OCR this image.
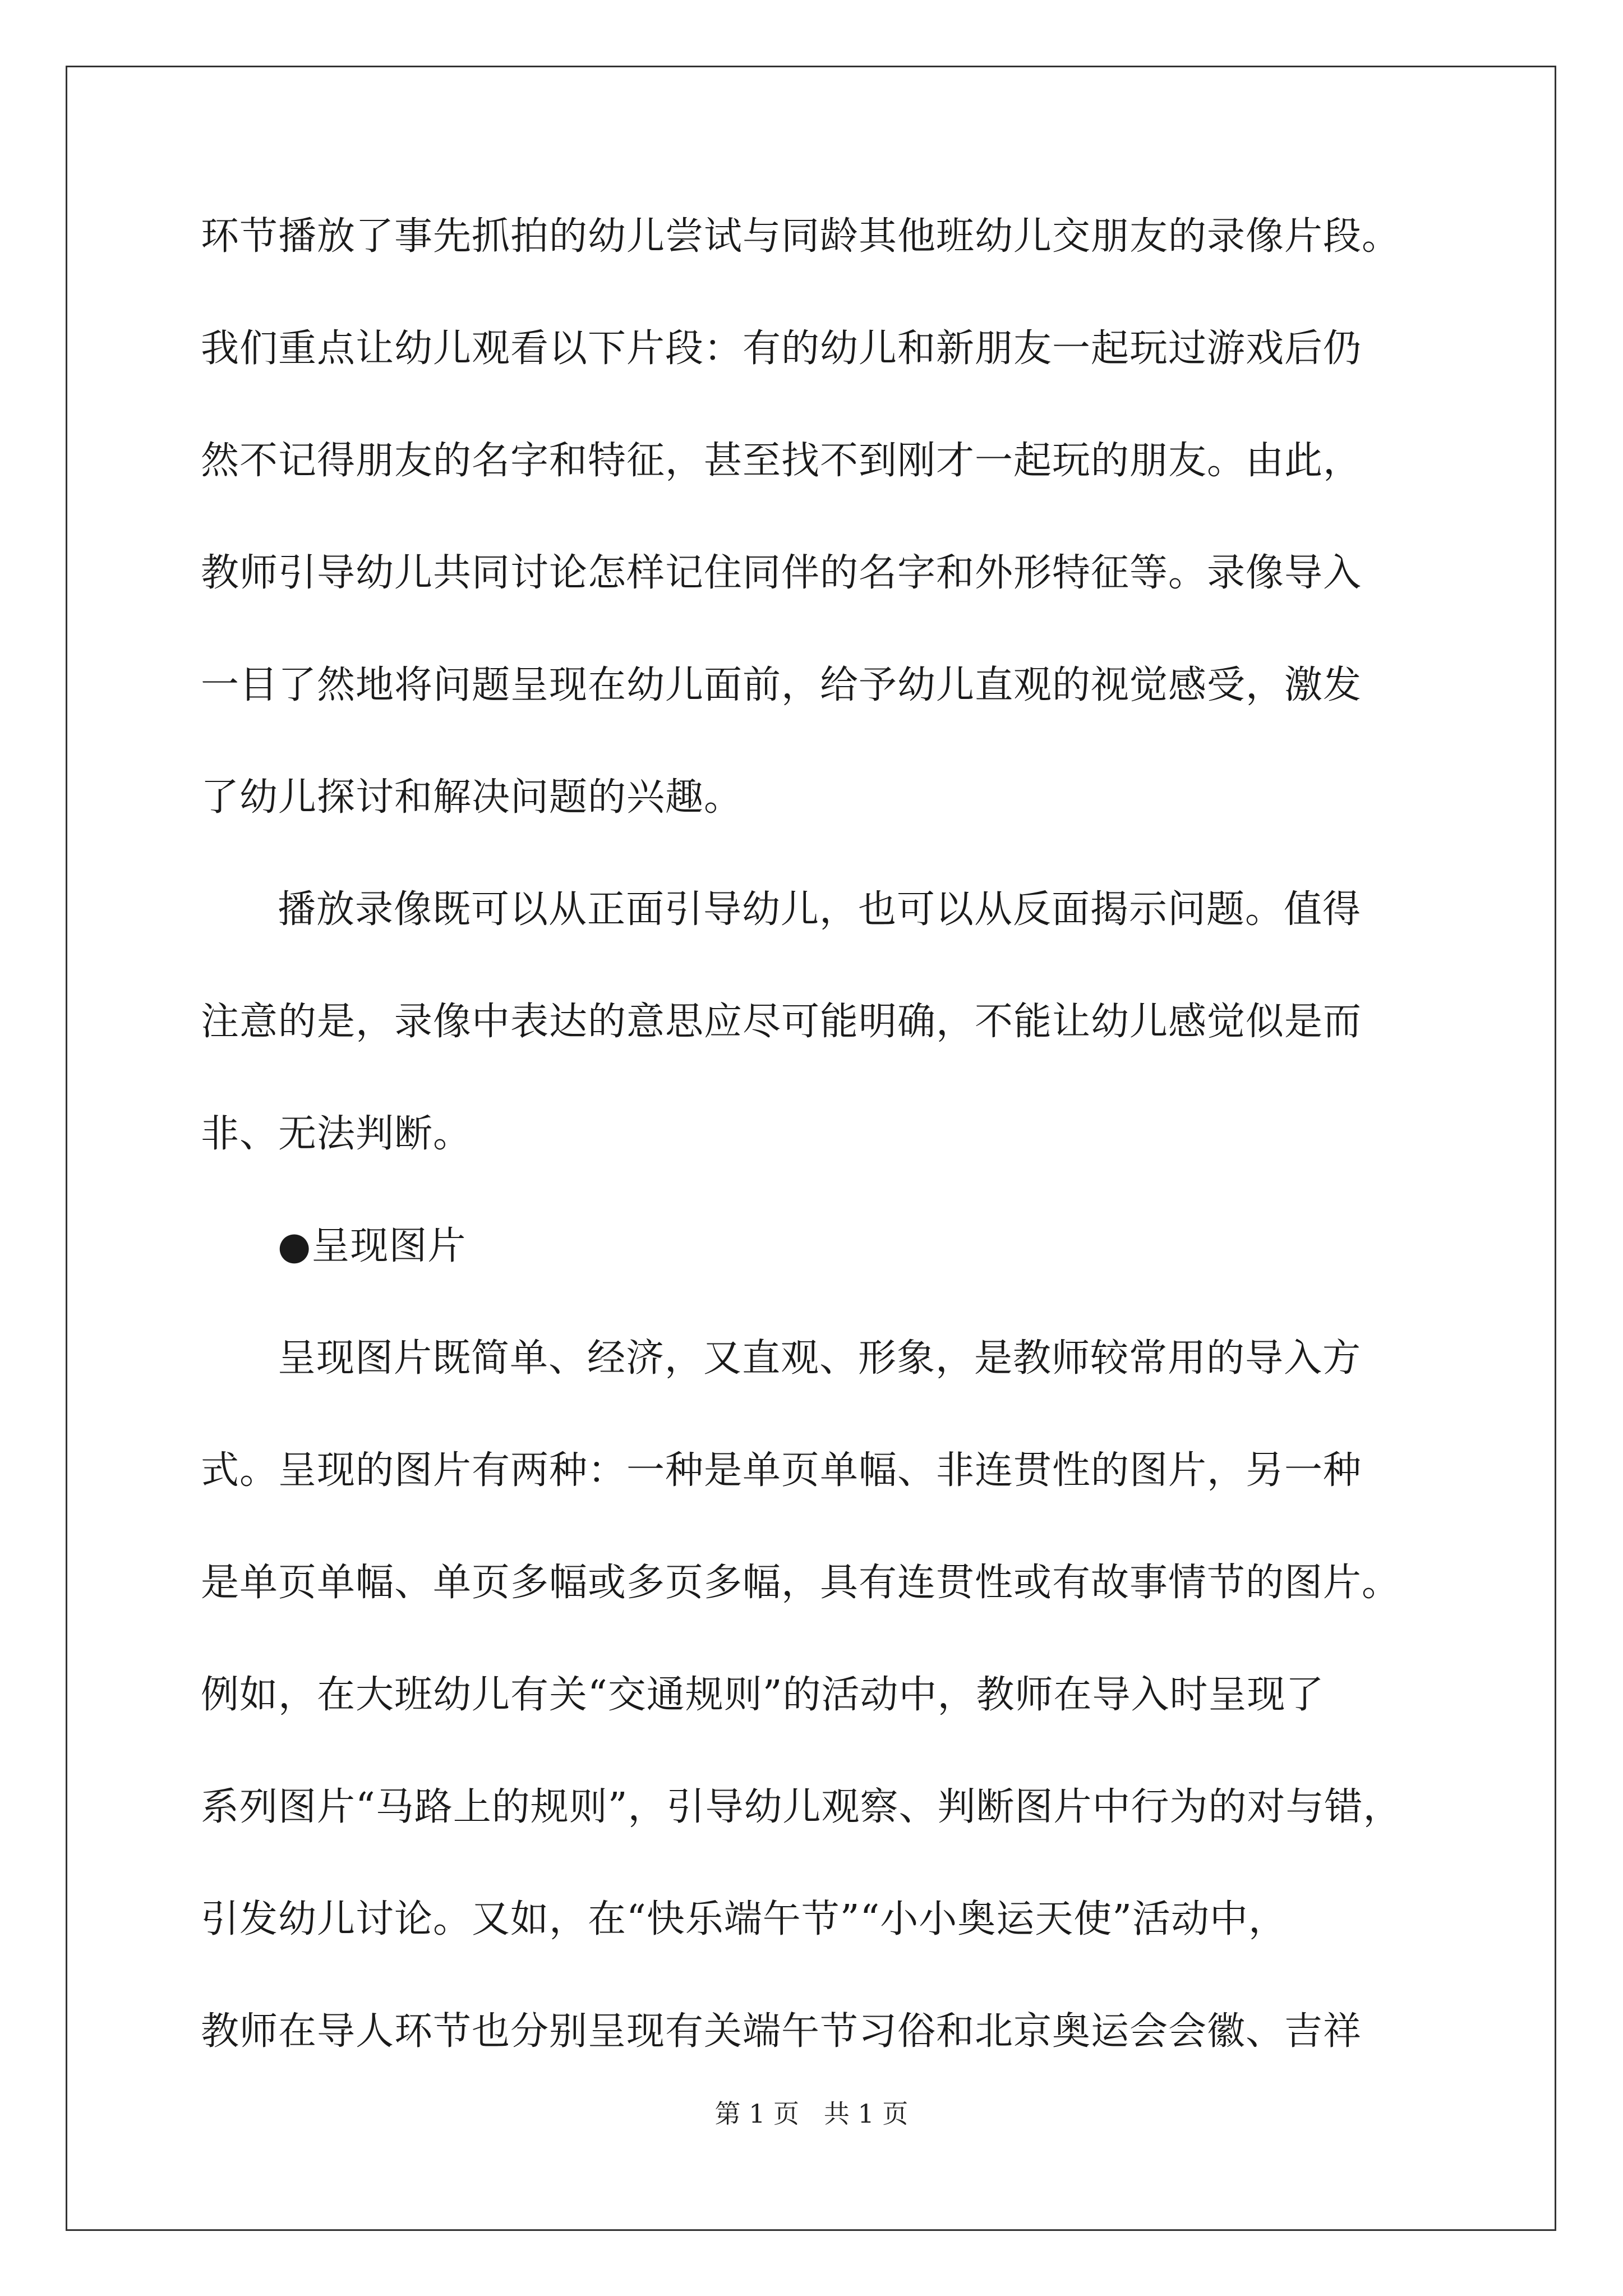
环节播放了事先抓拍的幼儿尝试与同龄其他班幼儿交朋友的录像片段。
我们重点让幼儿观看以下片段：有的幼儿和新朋友一起玩过游戏后仍
然不记得朋友的名字和特征，甚至找不到刚才一起玩的朋友。由此，
教师引导幼儿共同讨论怎样记住同伴的名字和外形特征等。录像导入
一目了然地将问题呈现在幼儿面前，给予幼儿直观的视觉感受，激发
了幼儿探讨和解决问题的兴趣。
播放录像既可以从正面引导幼儿，也可以从反面揭示问题。值得
注意的是，录像中表达的意思应尽可能明确，不能让幼儿感觉似是而
非、无法判断。
●呈现图片
呈现图片既简单、经济，又直观、形象，是教师较常用的导入方
式。呈现的图片有两种：一种是单页单幅、非连贯性的图片，另一种
是单页单幅、单页多幅或多页多幅，具有连贯性或有故事情节的图片。
例如，在大班幼儿有关“交通规则”的活动中，教师在导入时呈现了
系列图片“马路上的规则”，引导幼儿观察、判断图片中行为的对与错，
引发幼儿讨论。又如，在“快乐端午节”“小小奥运天使”活动中，
教师在导人环节也分别呈现有关端午节习俗和北京奥运会会徽、吉祥
第 1 页   共 1 页
